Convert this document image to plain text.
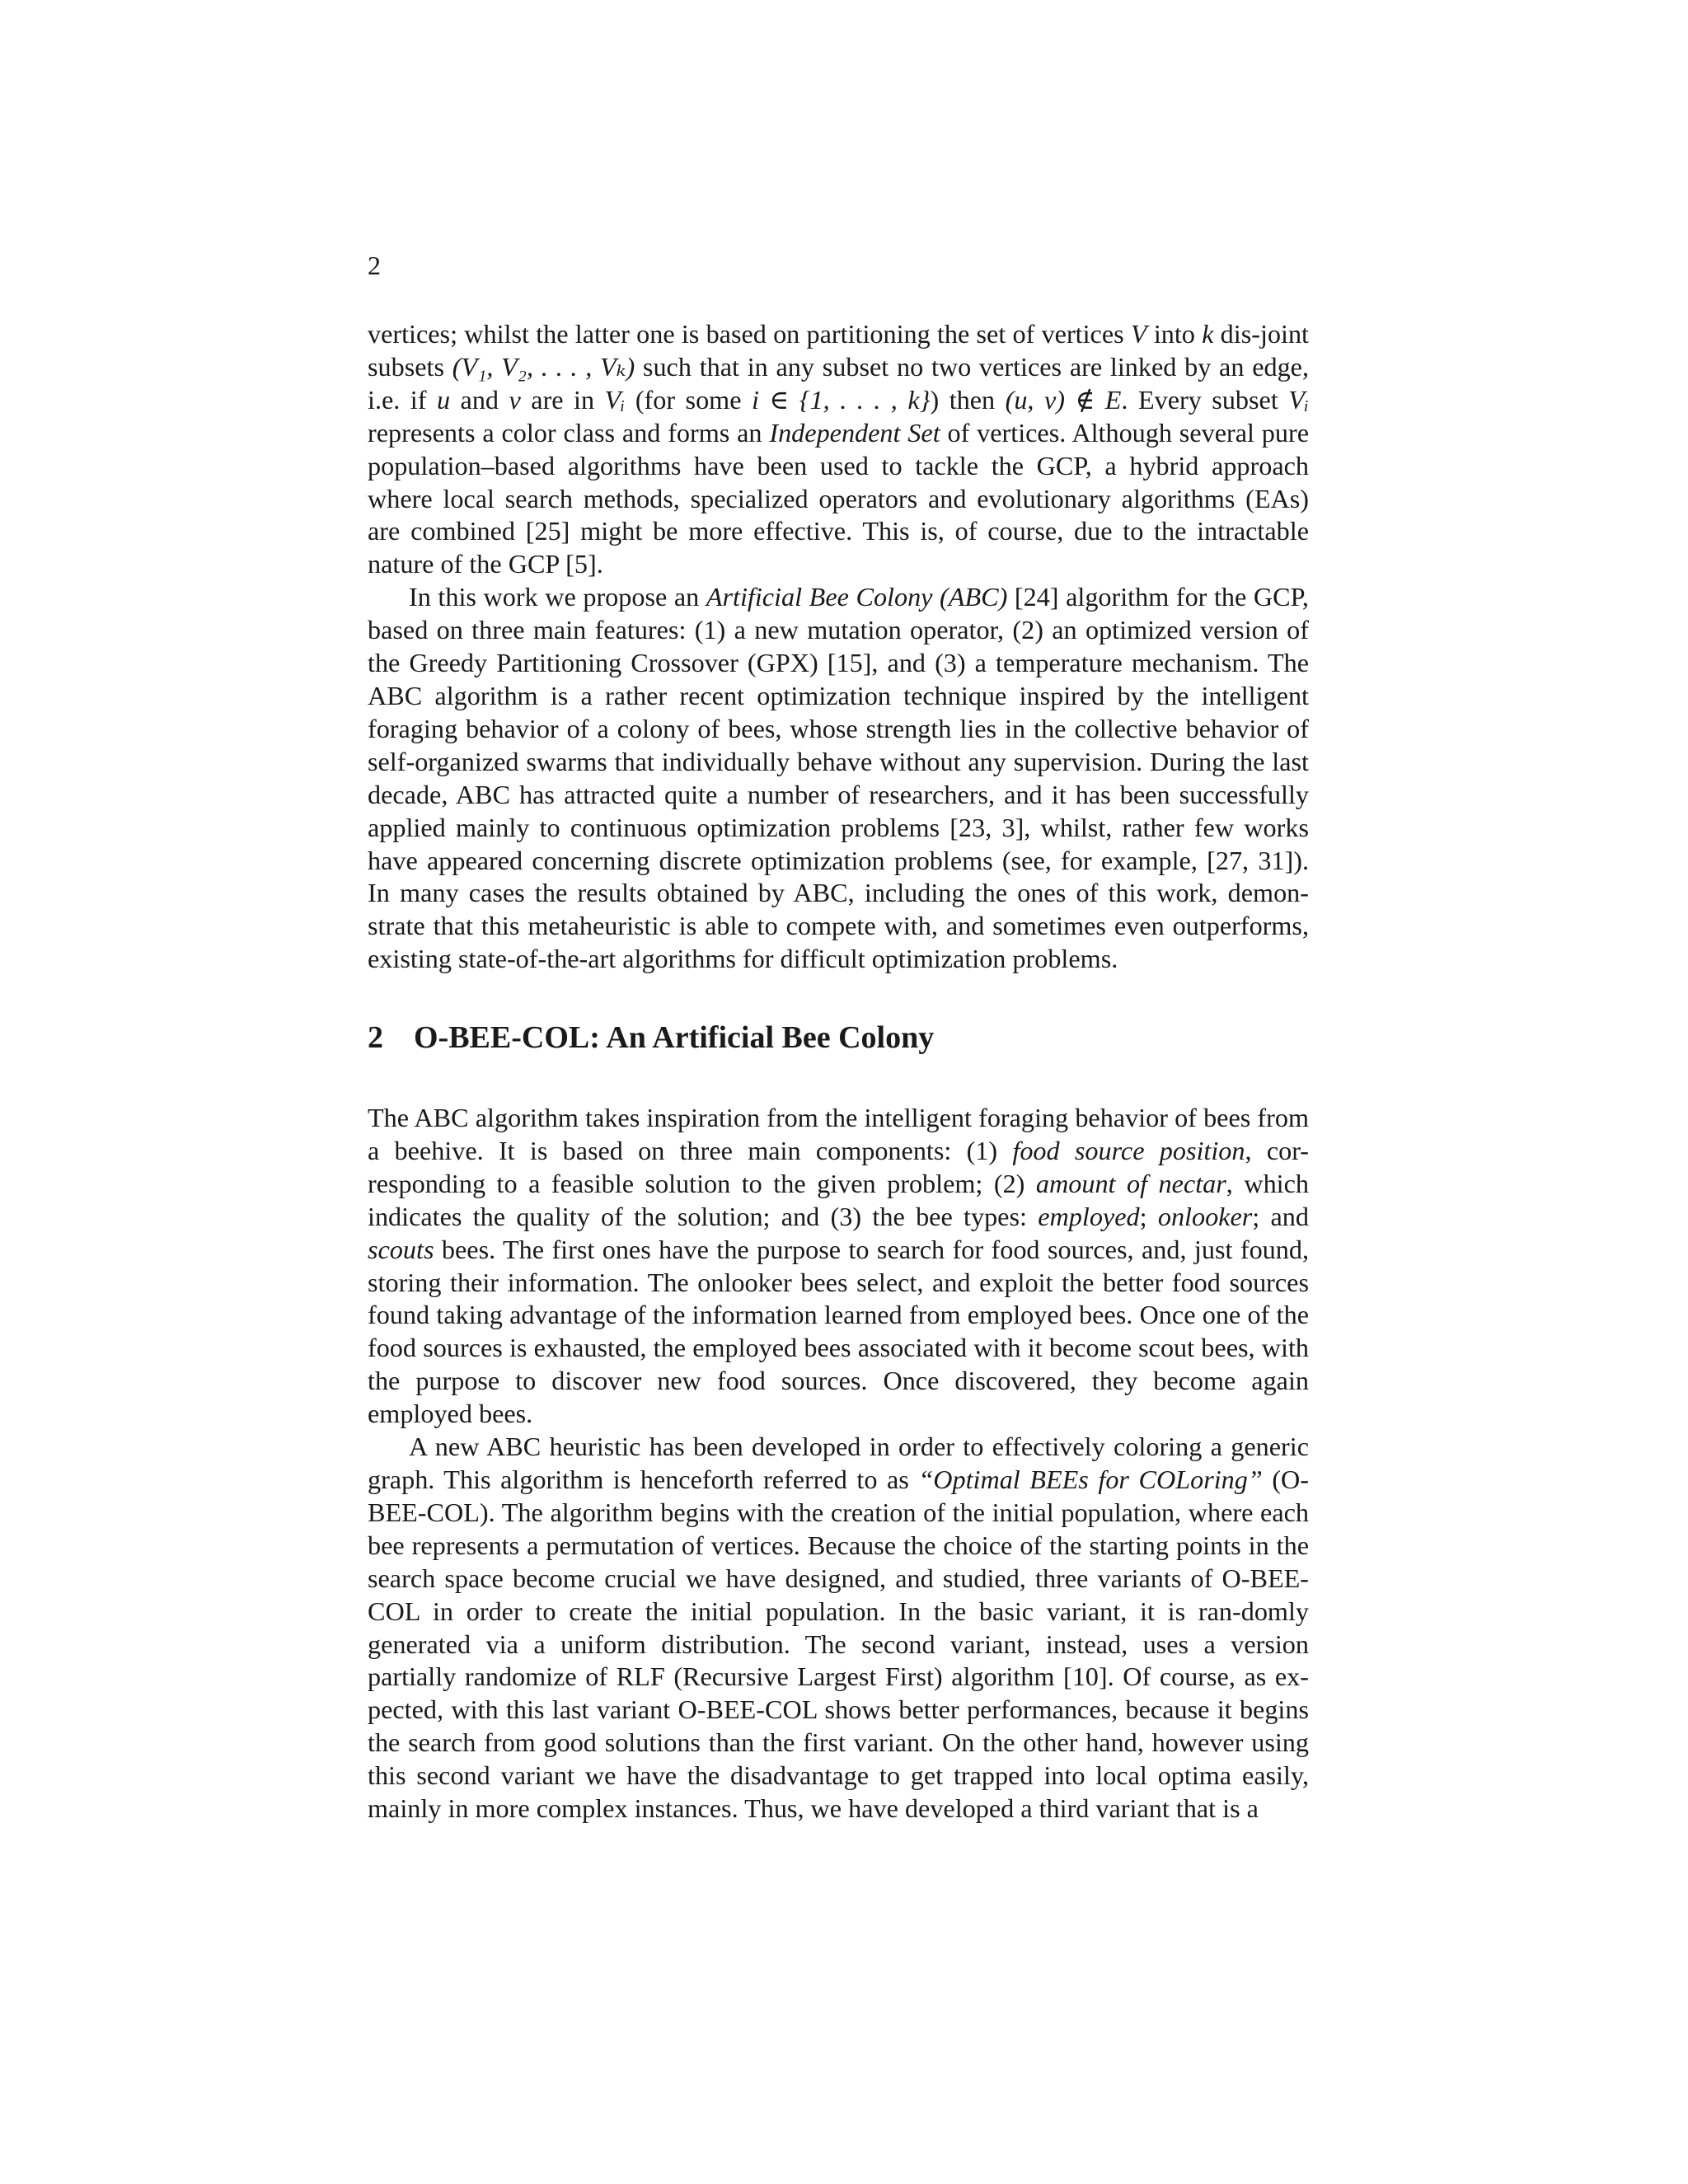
2

vertices; whilst the latter one is based on partitioning the set of vertices V into k dis-joint subsets (V₁, V₂, . . . , Vₖ) such that in any subset no two vertices are linked by an edge, i.e. if u and v are in Vᵢ (for some i ∈ {1, . . . , k}) then (u, v) ∉ E. Every subset Vᵢ represents a color class and forms an Independent Set of vertices. Although several pure population–based algorithms have been used to tackle the GCP, a hybrid approach where local search methods, specialized operators and evolutionary algorithms (EAs) are combined [25] might be more effective. This is, of course, due to the intractable nature of the GCP [5].

In this work we propose an Artificial Bee Colony (ABC) [24] algorithm for the GCP, based on three main features: (1) a new mutation operator, (2) an optimized version of the Greedy Partitioning Crossover (GPX) [15], and (3) a temperature mechanism. The ABC algorithm is a rather recent optimization technique inspired by the intelligent foraging behavior of a colony of bees, whose strength lies in the collective behavior of self-organized swarms that individually behave without any supervision. During the last decade, ABC has attracted quite a number of researchers, and it has been successfully applied mainly to continuous optimization problems [23, 3], whilst, rather few works have appeared concerning discrete optimization problems (see, for example, [27, 31]). In many cases the results obtained by ABC, including the ones of this work, demon-strate that this metaheuristic is able to compete with, and sometimes even outperforms, existing state-of-the-art algorithms for difficult optimization problems.

2 O-BEE-COL: An Artificial Bee Colony

The ABC algorithm takes inspiration from the intelligent foraging behavior of bees from a beehive. It is based on three main components: (1) food source position, cor-responding to a feasible solution to the given problem; (2) amount of nectar, which indicates the quality of the solution; and (3) the bee types: employed; onlooker; and scouts bees. The first ones have the purpose to search for food sources, and, just found, storing their information. The onlooker bees select, and exploit the better food sources found taking advantage of the information learned from employed bees. Once one of the food sources is exhausted, the employed bees associated with it become scout bees, with the purpose to discover new food sources. Once discovered, they become again employed bees.

A new ABC heuristic has been developed in order to effectively coloring a generic graph. This algorithm is henceforth referred to as “Optimal BEEs for COLoring” (O-BEE-COL). The algorithm begins with the creation of the initial population, where each bee represents a permutation of vertices. Because the choice of the starting points in the search space become crucial we have designed, and studied, three variants of O-BEE-COL in order to create the initial population. In the basic variant, it is ran-domly generated via a uniform distribution. The second variant, instead, uses a version partially randomize of RLF (Recursive Largest First) algorithm [10]. Of course, as ex-pected, with this last variant O-BEE-COL shows better performances, because it begins the search from good solutions than the first variant. On the other hand, however using this second variant we have the disadvantage to get trapped into local optima easily, mainly in more complex instances. Thus, we have developed a third variant that is a
